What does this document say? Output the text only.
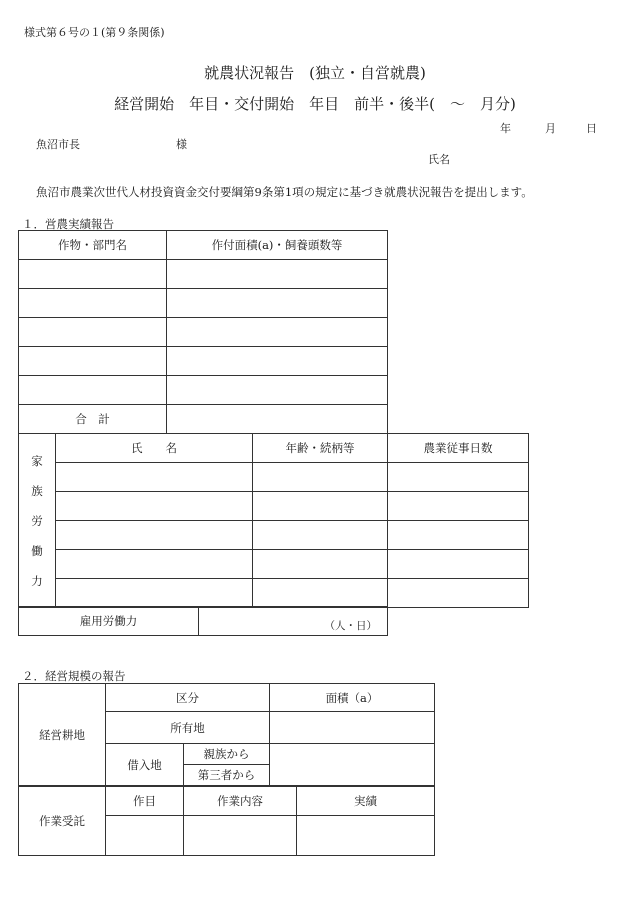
様式第６号の１(第９条関係)
就農状況報告　(独立・自営就農)
経営開始　年目・交付開始　年目　前半・後半(　～　月分)
年	月	日
魚沼市長	様
氏名
魚沼市農業次世代人材投資資金交付要綱第9条第1項の規定に基づき就農状況報告を提出します。
１．営農実績報告
作物・部門名	作付面積(a)・飼養頭数等

合　計	
家
族
労
働
力	氏　　名	年齢・続柄等	農業従事日数

雇用労働力	（人・日）
２．経営規模の報告
経営耕地	区分		面積（a）
	所有地		
	借入地	親族から	
		第三者から	
作業受託	作目	作業内容	実績
